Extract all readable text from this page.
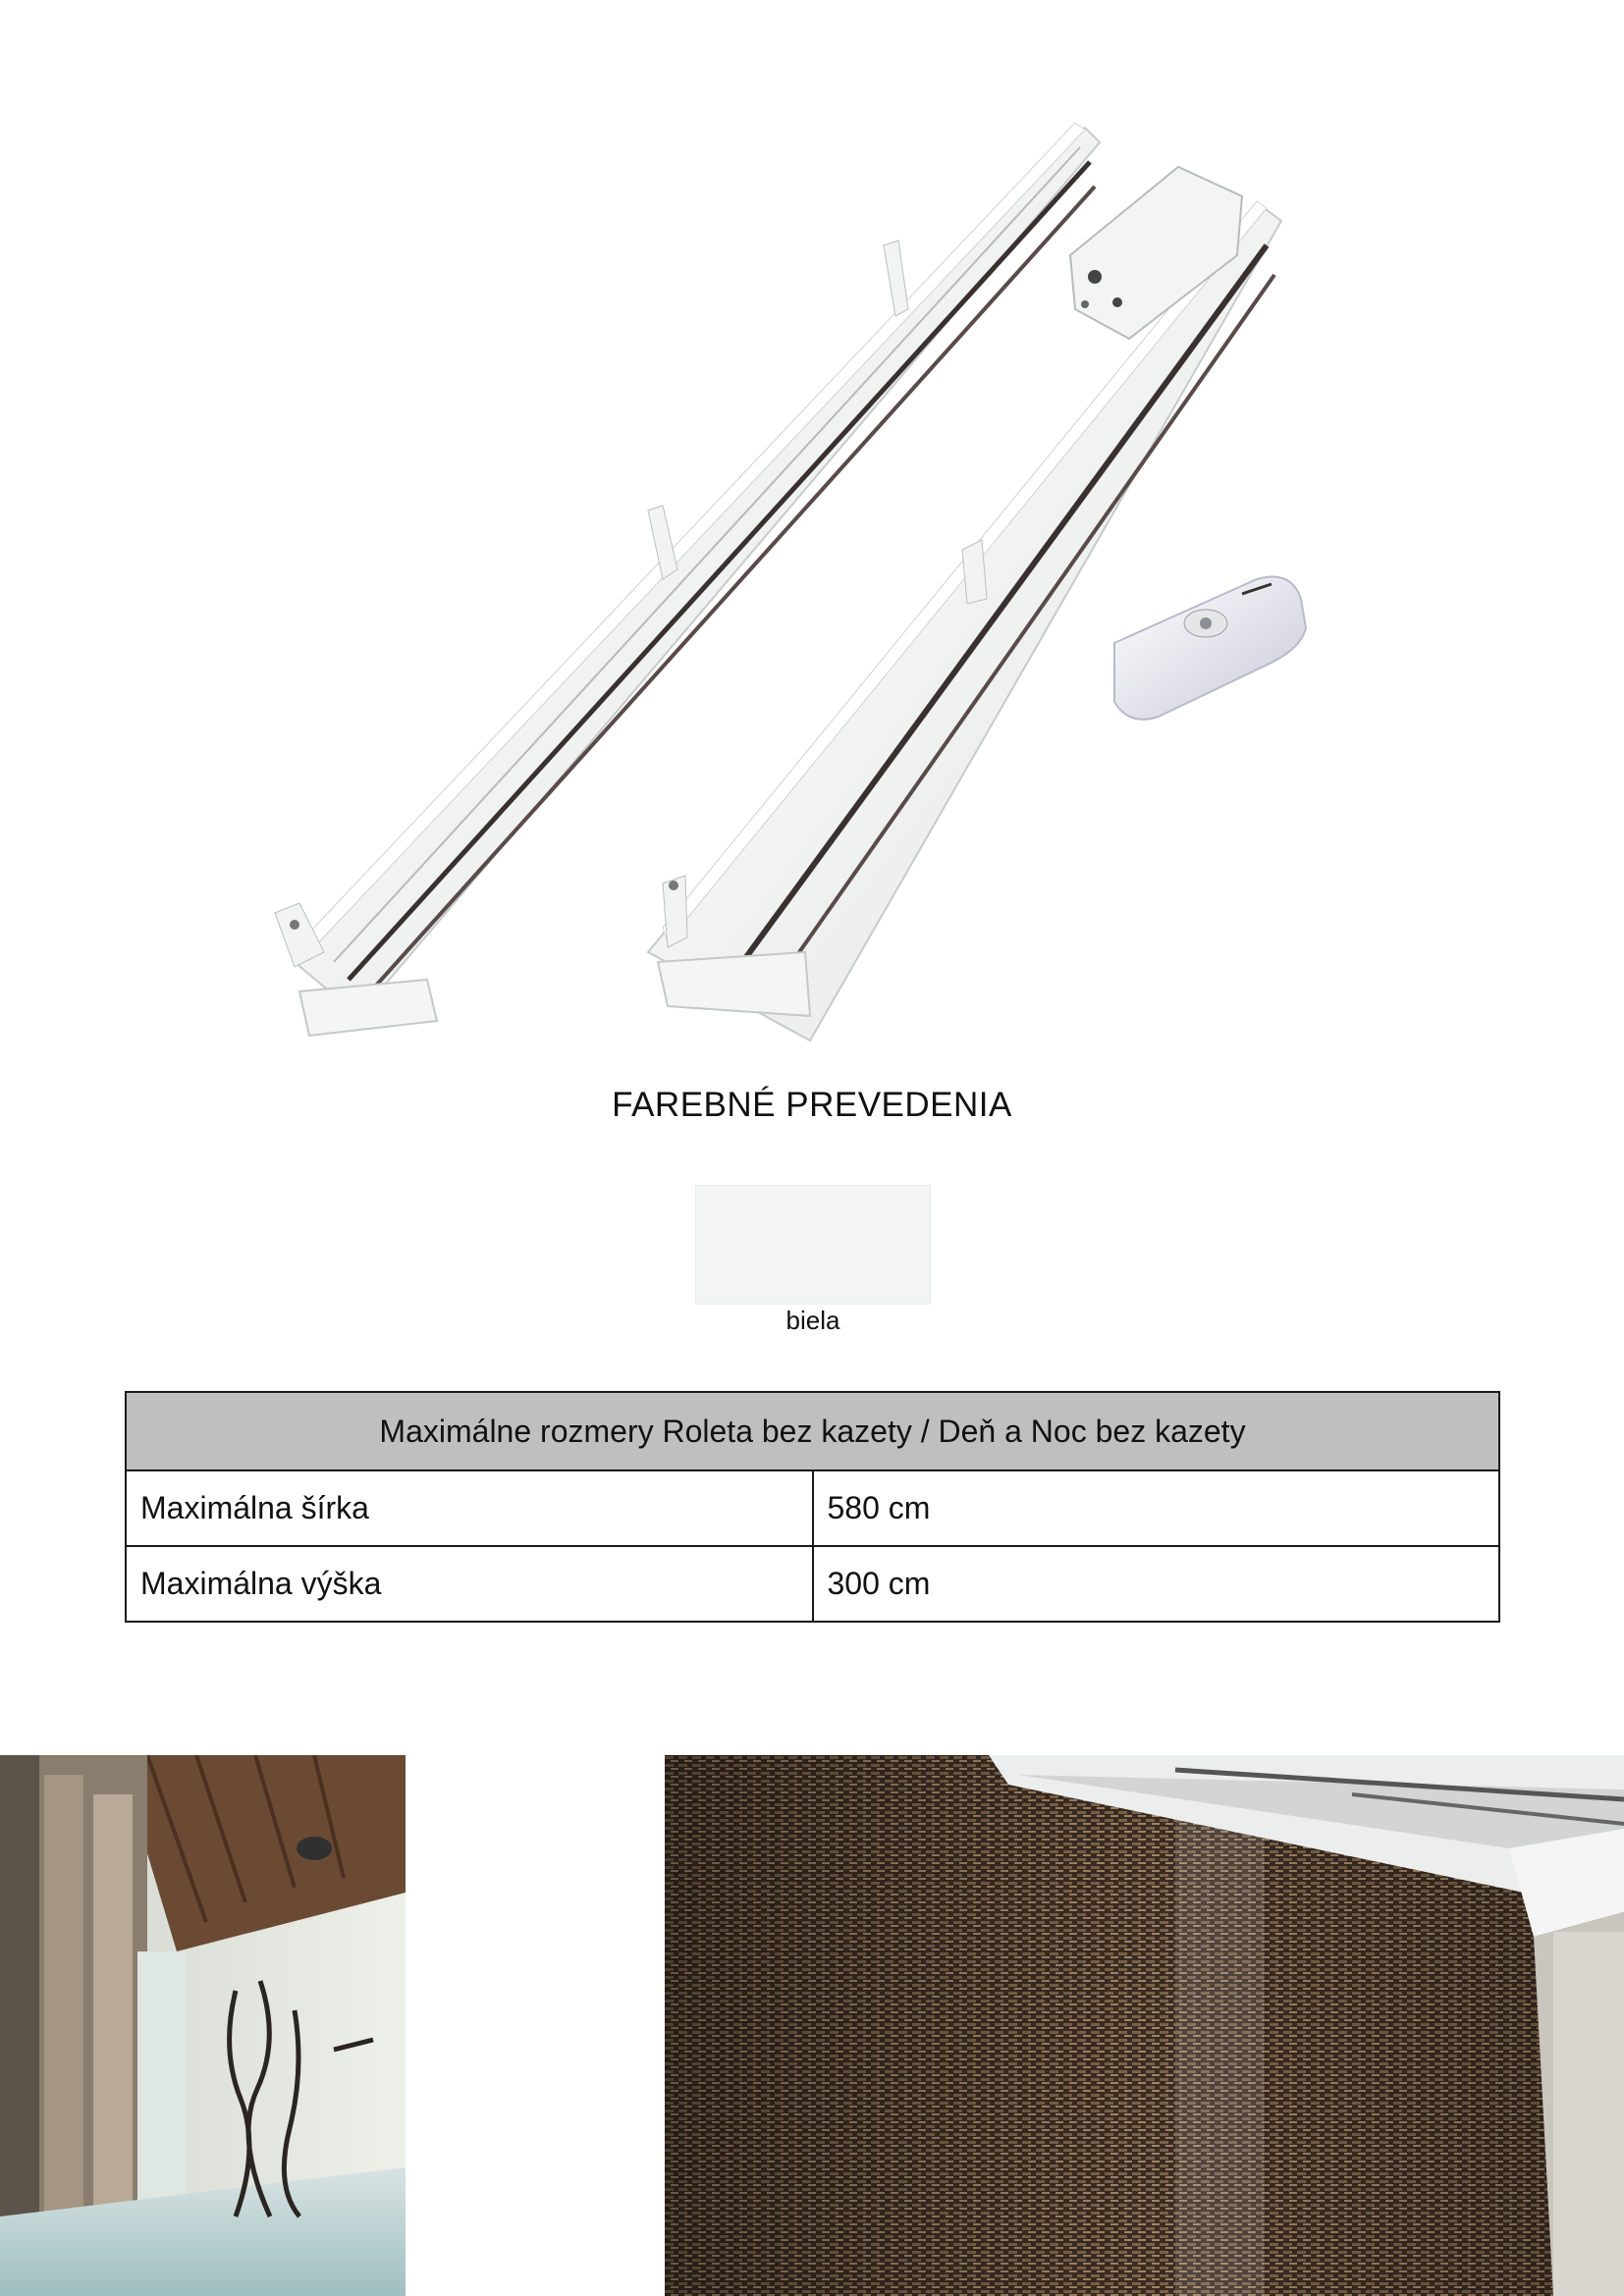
FAREBNÉ PREVEDENIA
biela
Maximálne rozmery Roleta bez kazety / Deň a Noc bez kazety	
Maximálna šírka	580 cm
Maximálna výška	300 cm
